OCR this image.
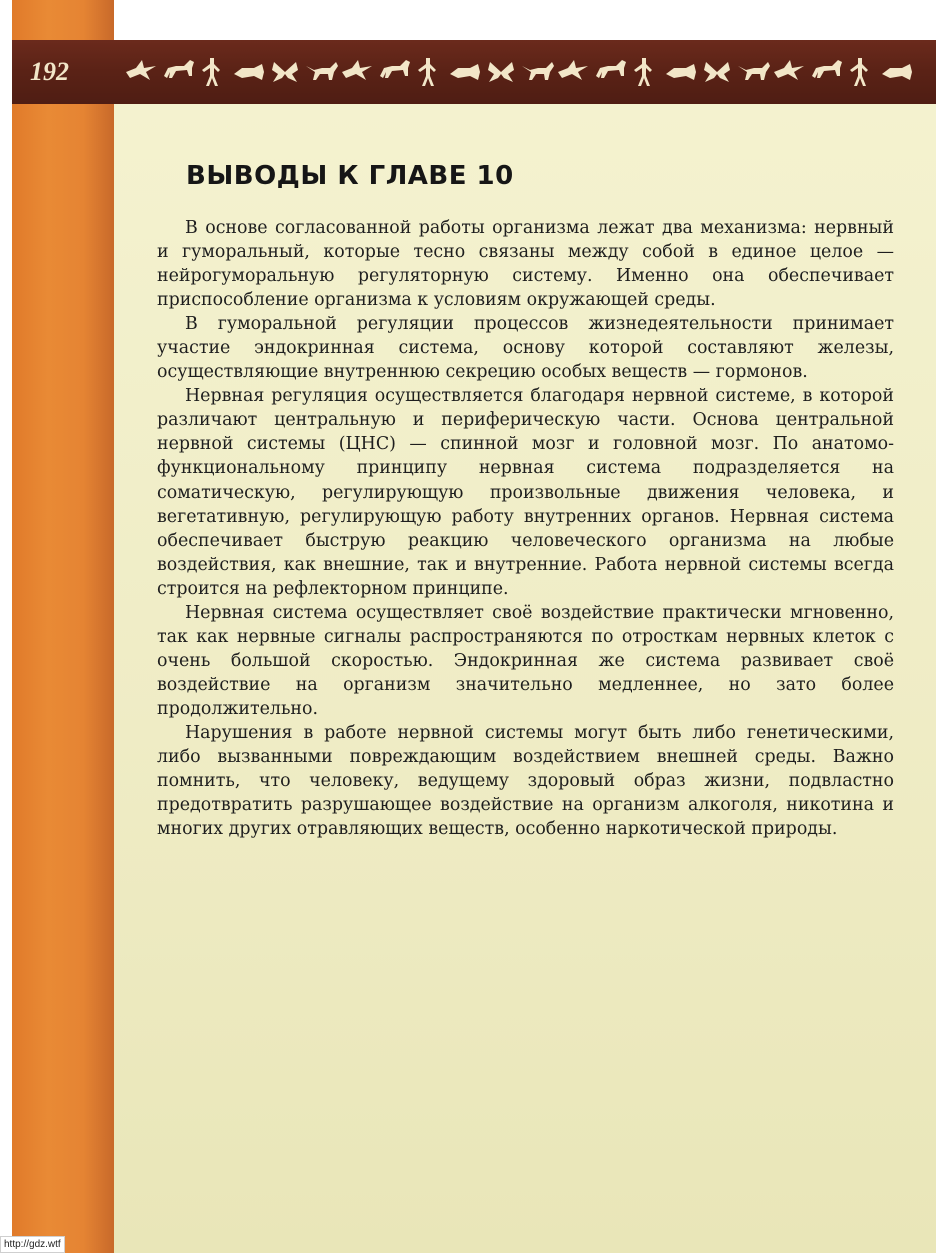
192
ВЫВОДЫ К ГЛАВЕ 10

В основе согласованной работы организма лежат два механизма: нервный и гуморальный, которые тесно связаны между собой в единое целое — нейрогуморальную регуляторную систему. Именно она обеспечивает приспособление организма к условиям окружающей среды.

В гуморальной регуляции процессов жизнедеятельности принимает участие эндокринная система, основу которой составляют железы, осуществляющие внутреннюю секрецию особых веществ — гормонов.

Нервная регуляция осуществляется благодаря нервной системе, в которой различают центральную и периферическую части. Основа центральной нервной системы (ЦНС) — спинной мозг и головной мозг. По анатомо-функциональному принципу нервная система подразделяется на соматическую, регулирующую произвольные движения человека, и вегетативную, регулирующую работу внутренних органов. Нервная система обеспечивает быструю реакцию человеческого организма на любые воздействия, как внешние, так и внутренние. Работа нервной системы всегда строится на рефлекторном принципе.

Нервная система осуществляет своё воздействие практически мгновенно, так как нервные сигналы распространяются по отросткам нервных клеток с очень большой скоростью. Эндокринная же система развивает своё воздействие на организм значительно медленнее, но зато более продолжительно.

Нарушения в работе нервной системы могут быть либо генетическими, либо вызванными повреждающим воздействием внешней среды. Важно помнить, что человеку, ведущему здоровый образ жизни, подвластно предотвратить разрушающее воздействие на организм алкоголя, никотина и многих других отравляющих веществ, особенно наркотической природы.

http://gdz.wtf
